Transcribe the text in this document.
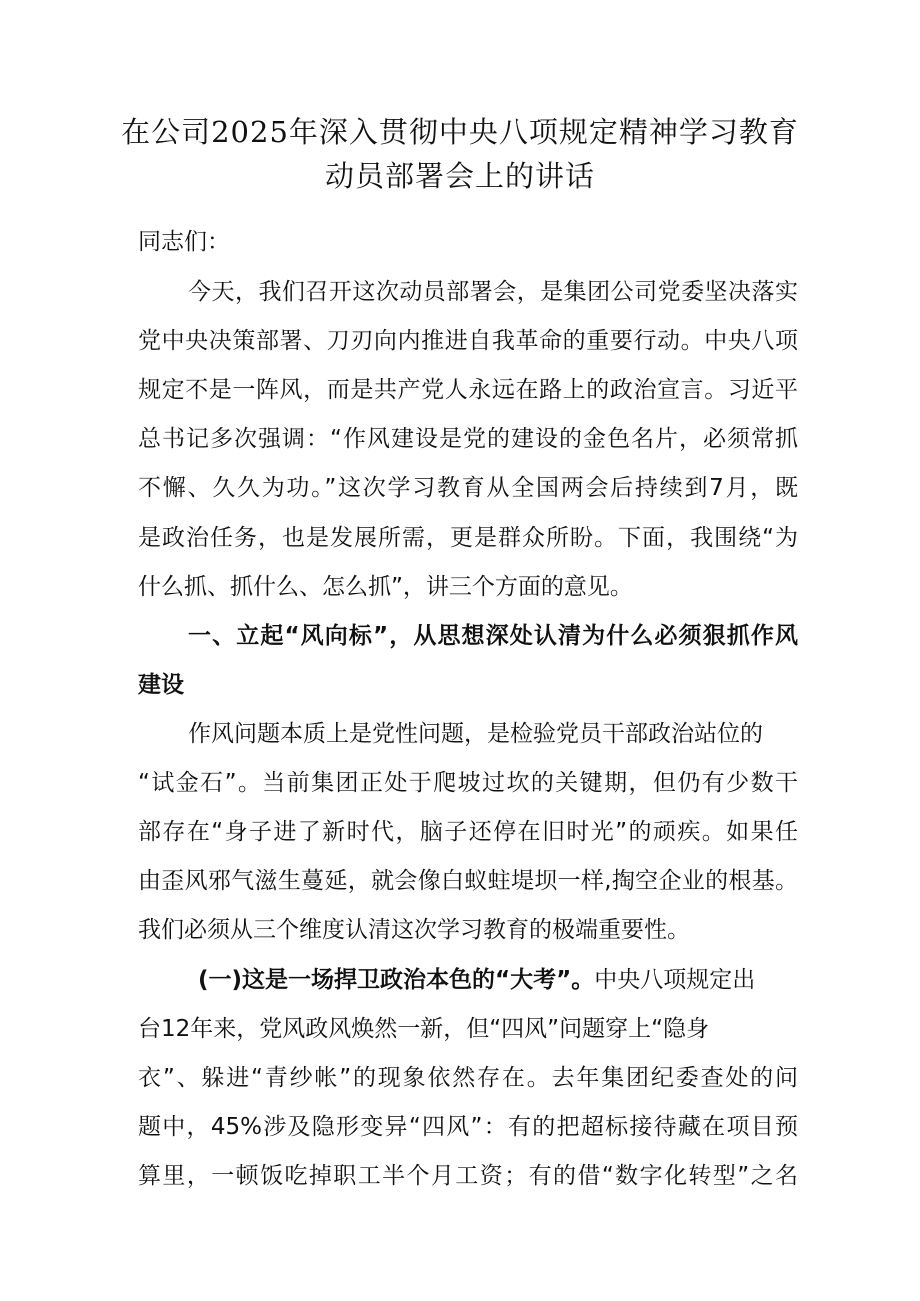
在公司2025年深入贯彻中央八项规定精神学习教育
动员部署会上的讲话
同志们：
今天，我们召开这次动员部署会，是集团公司党委坚决落实
党中央决策部署、刀刃向内推进自我革命的重要行动。中央八项
规定不是一阵风，而是共产党人永远在路上的政治宣言。习近平
总书记多次强调：“作风建设是党的建设的金色名片，必须常抓
不懈、久久为功。”这次学习教育从全国两会后持续到7月，既
是政治任务，也是发展所需，更是群众所盼。下面，我围绕“为
什么抓、抓什么、怎么抓”，讲三个方面的意见。
一、立起“风向标”，从思想深处认清为什么必须狠抓作风
建设
作风问题本质上是党性问题，是检验党员干部政治站位的
“试金石”。当前集团正处于爬坡过坎的关键期，但仍有少数干
部存在“身子进了新时代，脑子还停在旧时光”的顽疾。如果任
由歪风邪气滋生蔓延，就会像白蚁蛀堤坝一样,掏空企业的根基。
我们必须从三个维度认清这次学习教育的极端重要性。
(一)这是一场捍卫政治本色的“大考”。中央八项规定出
台12年来，党风政风焕然一新，但“四风”问题穿上“隐身
衣”、躲进“青纱帐”的现象依然存在。去年集团纪委查处的问
题中，45%涉及隐形变异“四风”：有的把超标接待藏在项目预
算里，一顿饭吃掉职工半个月工资；有的借“数字化转型”之名
